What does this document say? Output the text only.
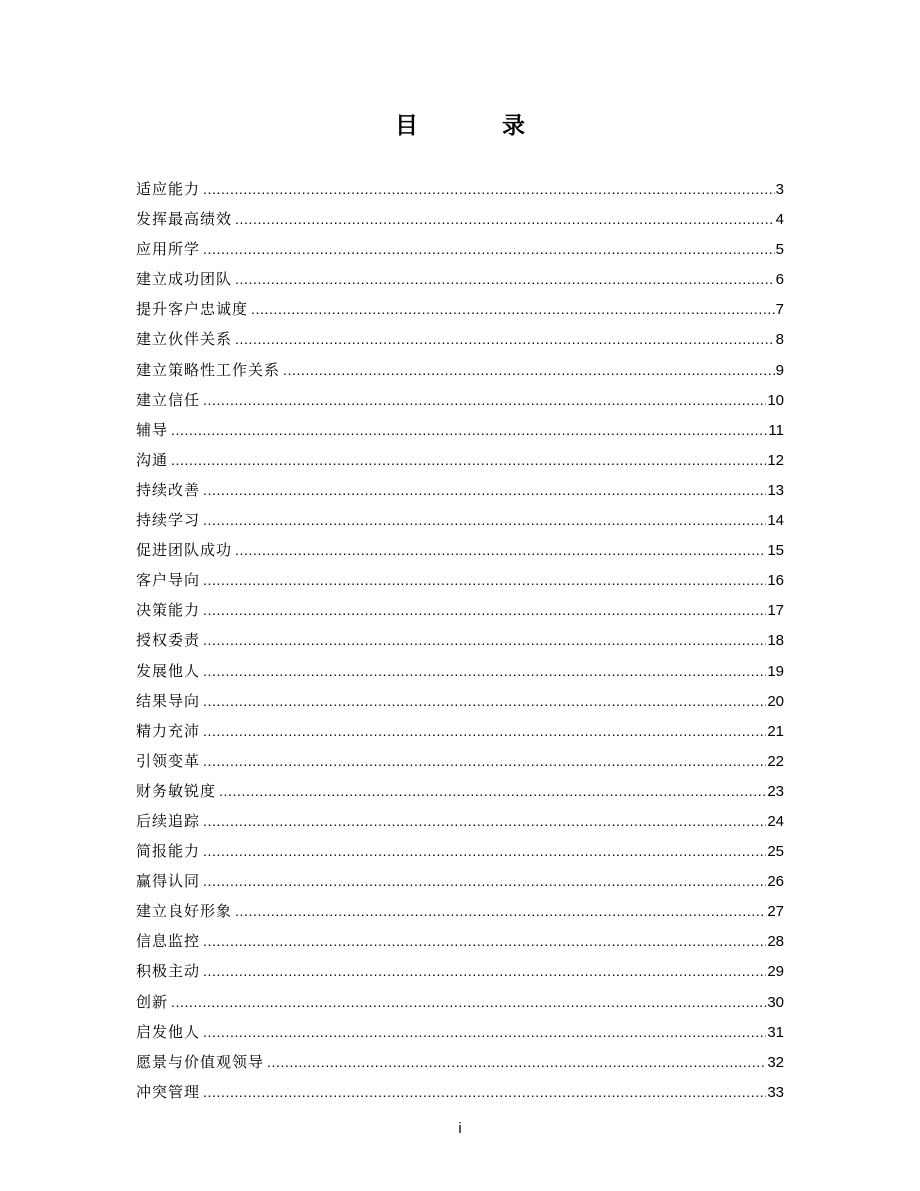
目 录
适应能力 .....	3
发挥最高绩效 .....	4
应用所学 .....	5
建立成功团队 .....	6
提升客户忠诚度 .....	7
建立伙伴关系 .....	8
建立策略性工作关系 .....	9
建立信任 .....	10
辅导 .....	11
沟通 .....	12
持续改善 .....	13
持续学习 .....	14
促进团队成功 .....	15
客户导向 .....	16
决策能力 .....	17
授权委责 .....	18
发展他人 .....	19
结果导向 .....	20
精力充沛 .....	21
引领变革 .....	22
财务敏锐度 .....	23
后续追踪 .....	24
简报能力 .....	25
赢得认同 .....	26
建立良好形象 .....	27
信息监控 .....	28
积极主动 .....	29
创新 .....	30
启发他人 .....	31
愿景与价值观领导 .....	32
冲突管理 .....	33
i
